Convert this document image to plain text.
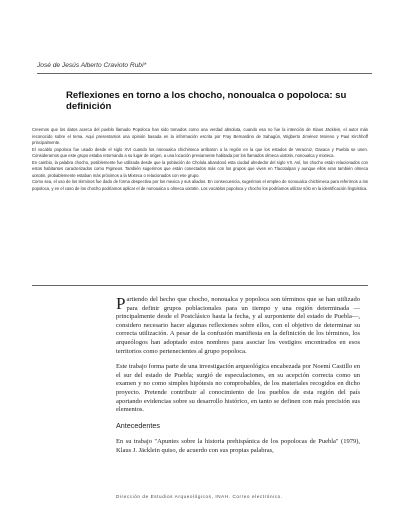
José de Jesús Alberto Cravioto Rubí*
Reflexiones en torno a los chocho, nonoualca o popoloca: su definición

Creemos que los datos acerca del pueblo llamado Popoloca han sido tomados como una verdad absoluta, cuando esa no fue la intención de Klaus Jäcklein, el autor más reconocido sobre el tema. Aquí presentamos una opinión basada en la información escrita por Fray Bernardino de Sahagún, Wigberto Jiménez Moreno y Paul Kirchhoff principalmente.

El vocablo popoloca fue usado desde el siglo XVI cuando los nonoualca chichimeca arribaron a la región en la que los estados de Veracruz, Oaxaca y Puebla se unen. Consideramos que este grupo estaba retornando a su lugar de origen, a una locación previamente habitada por los llamados olmeca uixtotin, nonoualca y mixteca.

En cambio, la palabra chocho, posiblemente fue utilizada desde que la población de Cholula abandonó esta ciudad alrededor del siglo VII. Así, los chocho están relacionados con estos habitantes caracterizados como Pigmeos. También sugerimos que están conectados más con los grupos que viven en Tlacotalpan y aunque ellos eran también olmeca uixtotin, probablemente estaban más próximos a la Mixteca o relacionados con ese grupo.

Como sea, el uso de los términos fue dado de forma despectiva por los mexica y sus aliados. En consecuencia, sugerimos el empleo de nonoualca chichimeca para referirnos a los popoloca, y en el caso de los chocho podríamos aplicar el de nonoualca u olmeca uixtotin. Los vocablos popoloca y chocho los podríamos utilizar sólo en la identificación lingüística.

Partiendo del hecho que chocho, nonoualca y popoloca son términos que se han utilizado para definir grupos poblacionales para un tiempo y una región determinada —principalmente desde el Postclásico hasta la fecha, y al surponiente del estado de Puebla—, considero necesario hacer algunas reflexiones sobre ellos, con el objetivo de determinar su correcta utilización. A pesar de la confusión manifiesta en la definición de los términos, los arqueólogos han adoptado estos nombres para asociar los vestigios encontrados en esos territorios como pertenecientes al grupo popoloca.

Este trabajo forma parte de una investigación arqueológica encabezada por Noemí Castillo en el sur del estado de Puebla; surgió de especulaciones, en su acepción correcta como un examen y no como simples hipótesis no comprobables, de los materiales recogidos en dicho proyecto. Pretende contribuir al conocimiento de los pueblos de esta región del país aportando evidencias sobre su desarrollo histórico, en tanto se definen con más precisión sus elementos.

Antecedentes

En su trabajo "Apuntes sobre la historia prehispánica de los popolocas de Puebla" (1979), Klaus J. Jäcklein quiso, de acuerdo con sus propias palabras,

Dirección de Estudios Arqueológicos, INAH. Correo electrónico.
